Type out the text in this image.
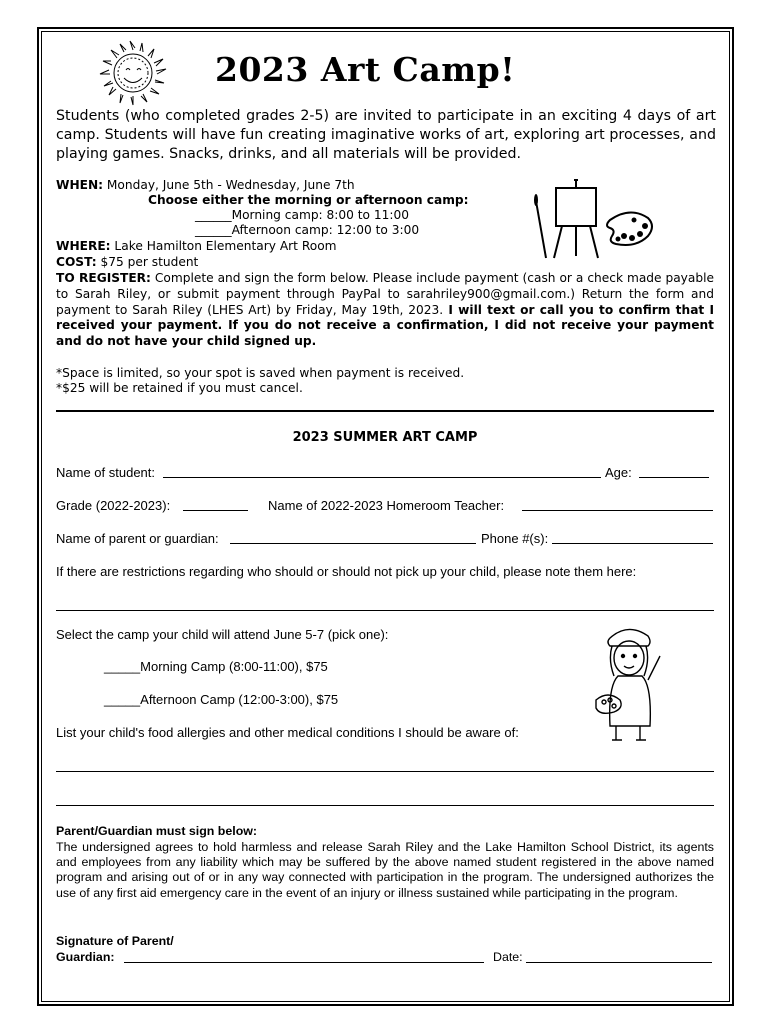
2023 Art Camp!
Students (who completed grades 2-5) are invited to participate in an exciting 4 days of art camp. Students will have fun creating imaginative works of art, exploring art processes, and playing games. Snacks, drinks, and all materials will be provided.
WHEN: Monday, June 5th - Wednesday, June 7th
Choose either the morning or afternoon camp:
______Morning camp: 8:00 to 11:00
______Afternoon camp: 12:00 to 3:00
WHERE: Lake Hamilton Elementary Art Room
COST: $75 per student
TO REGISTER: Complete and sign the form below. Please include payment (cash or a check made payable to Sarah Riley, or submit payment through PayPal to sarahriley900@gmail.com.) Return the form and payment to Sarah Riley (LHES Art) by Friday, May 19th, 2023. I will text or call you to confirm that I received your payment. If you do not receive a confirmation, I did not receive your payment and do not have your child signed up.
*Space is limited, so your spot is saved when payment is received.
*$25 will be retained if you must cancel.
2023 SUMMER ART CAMP
Name of student:	Age:
Grade (2022-2023):	Name of 2022-2023 Homeroom Teacher:
Name of parent or guardian:	Phone #(s):
If there are restrictions regarding who should or should not pick up your child, please note them here:
Select the camp your child will attend June 5-7 (pick one):
_____Morning Camp (8:00-11:00), $75
_____Afternoon Camp (12:00-3:00), $75
List your child's food allergies and other medical conditions I should be aware of:
Parent/Guardian must sign below:
The undersigned agrees to hold harmless and release Sarah Riley and the Lake Hamilton School District, its agents and employees from any liability which may be suffered by the above named student registered in the above named program and arising out of or in any way connected with participation in the program. The undersigned authorizes the use of any first aid emergency care in the event of an injury or illness sustained while participating in the program.
Signature of Parent/
Guardian:	Date:
